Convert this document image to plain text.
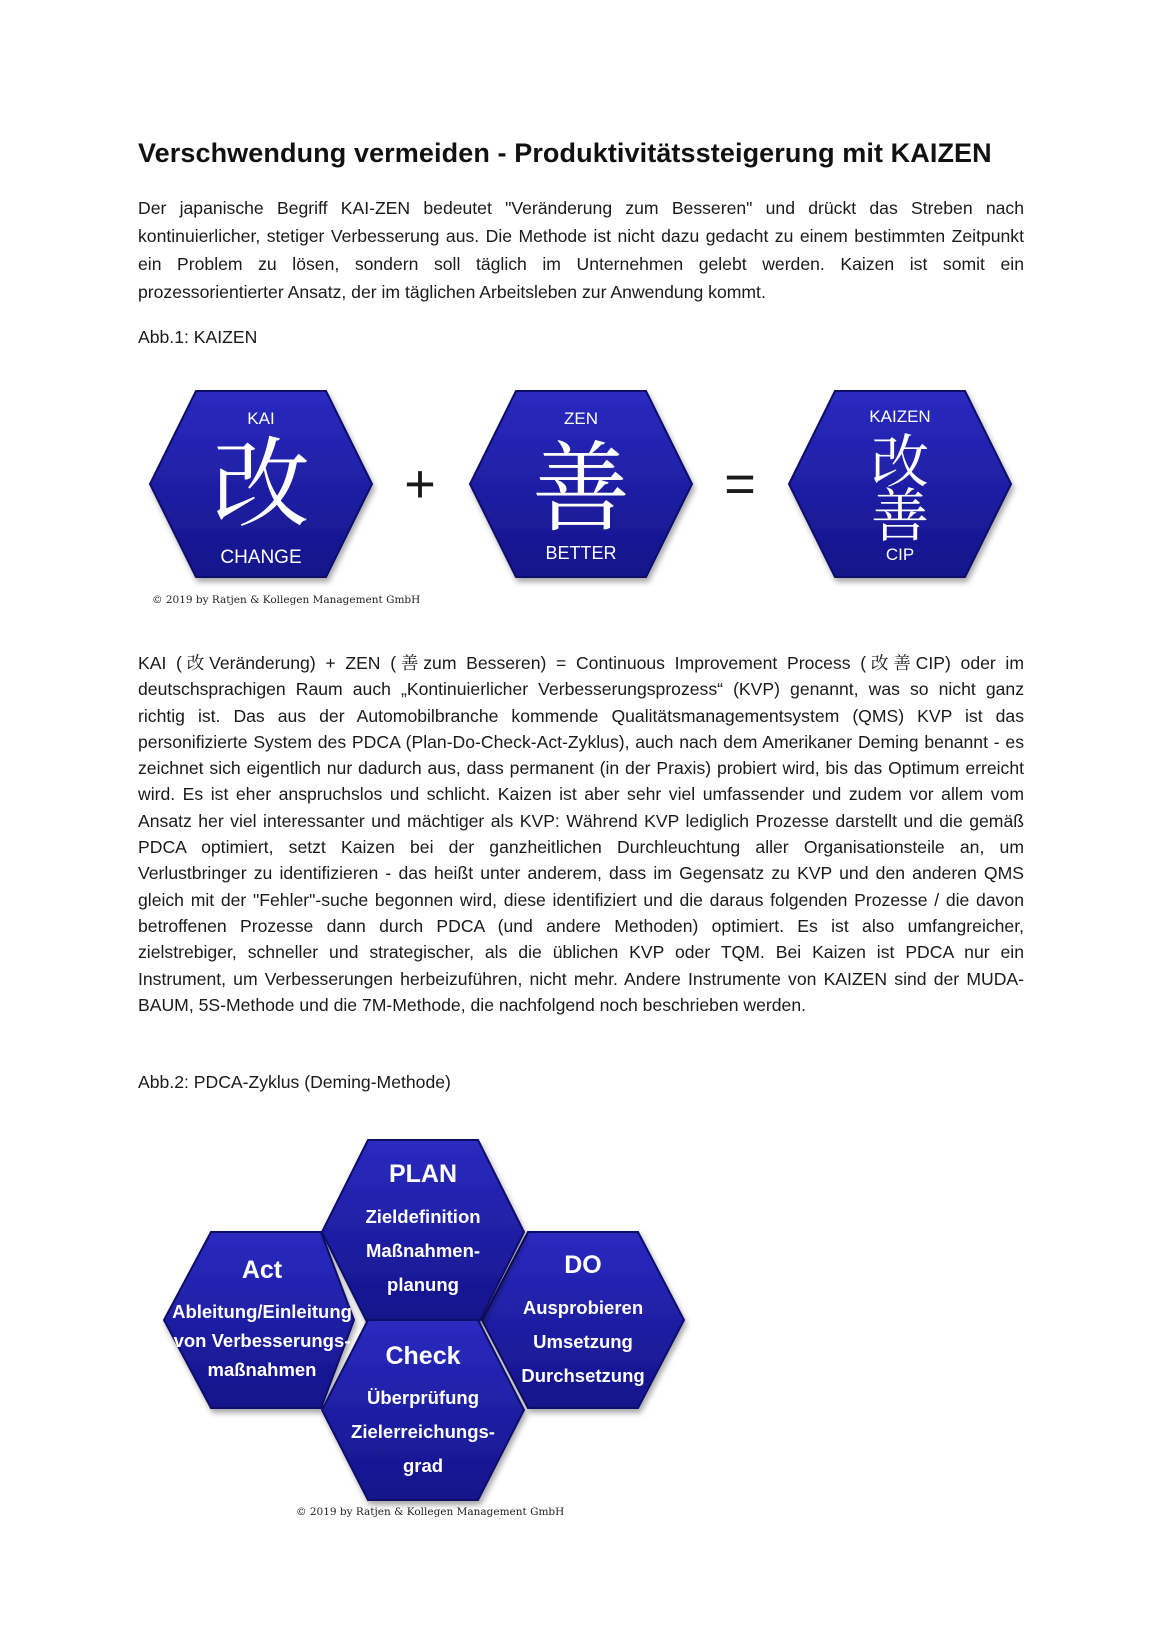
Verschwendung vermeiden - Produktivitätssteigerung mit KAIZEN

Der japanische Begriff KAI-ZEN bedeutet "Veränderung zum Besseren" und drückt das Streben nach kontinuierlicher, stetiger Verbesserung aus. Die Methode ist nicht dazu gedacht zu einem bestimmten Zeitpunkt ein Problem zu lösen, sondern soll täglich im Unternehmen gelebt werden. Kaizen ist somit ein prozessorientierter Ansatz, der im täglichen Arbeitsleben zur Anwendung kommt.

Abb.1: KAIZEN

KAI
改
CHANGE
+
ZEN
善
BETTER
=
KAIZEN
改
善
CIP
Act
Ableitung/Einleitung
von Verbesserungs-
maßnahmen
DO
Ausprobieren
Umsetzung
Durchsetzung
PLAN
Zieldefinition
Maßnahmen-
planung
Check
Überprüfung
Zielerreichungs-
grad
© 2019 by Ratjen & Kollegen Management GmbH

KAI (改Veränderung) + ZEN (善zum Besseren) = Continuous Improvement Process (改善CIP) oder im deutschsprachigen Raum auch „Kontinuierlicher Verbesserungsprozess“ (KVP) genannt, was so nicht ganz richtig ist. Das aus der Automobilbranche kommende Qualitätsmanagementsystem (QMS) KVP ist das personifizierte System des PDCA (Plan-Do-Check-Act-Zyklus), auch nach dem Amerikaner Deming benannt - es zeichnet sich eigentlich nur dadurch aus, dass permanent (in der Praxis) probiert wird, bis das Optimum erreicht wird. Es ist eher anspruchslos und schlicht. Kaizen ist aber sehr viel umfassender und zudem vor allem vom Ansatz her viel interessanter und mächtiger als KVP: Während KVP lediglich Prozesse darstellt und die gemäß PDCA optimiert, setzt Kaizen bei der ganzheitlichen Durchleuchtung aller Organisationsteile an, um Verlustbringer zu identifizieren - das heißt unter anderem, dass im Gegensatz zu KVP und den anderen QMS gleich mit der "Fehler"-suche begonnen wird, diese identifiziert und die daraus folgenden Prozesse / die davon betroffenen Prozesse dann durch PDCA (und andere Methoden) optimiert. Es ist also umfangreicher, zielstrebiger, schneller und strategischer, als die üblichen KVP oder TQM. Bei Kaizen ist PDCA nur ein Instrument, um Verbesserungen herbeizuführen, nicht mehr. Andere Instrumente von KAIZEN sind der MUDA-BAUM, 5S-Methode und die 7M-Methode, die nachfolgend noch beschrieben werden.

Abb.2: PDCA-Zyklus (Deming-Methode)

© 2019 by Ratjen & Kollegen Management GmbH
